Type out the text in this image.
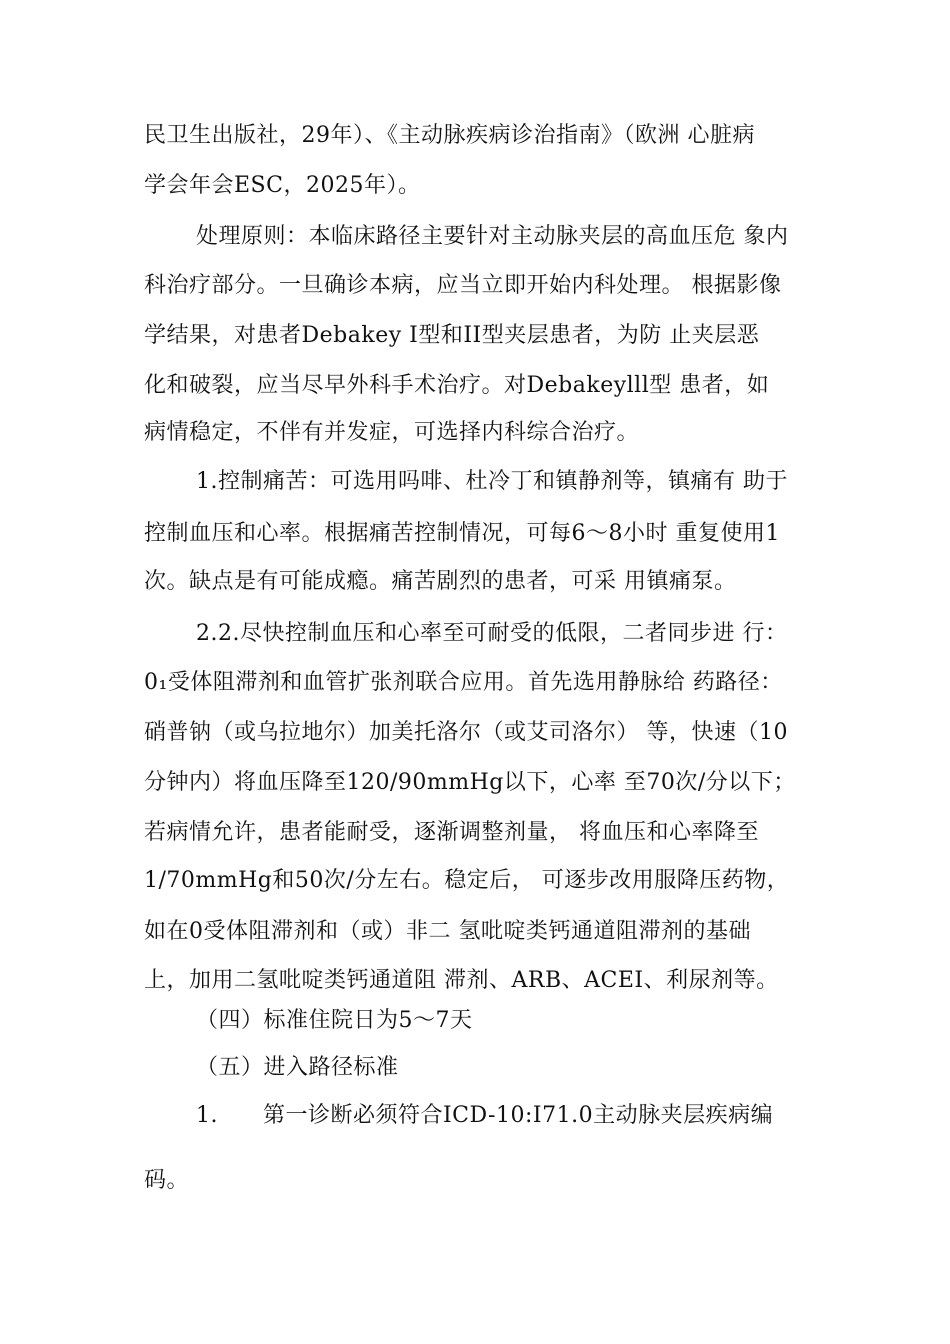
民卫生出版社，29年）、《主动脉疾病诊治指南》（欧洲 心脏病
学会年会ESC，2025年）。
处理原则：本临床路径主要针对主动脉夹层的高血压危 象内
科治疗部分。一旦确诊本病，应当立即开始内科处理。 根据影像
学结果，对患者Debakey Ⅰ型和II型夹层患者，为防 止夹层恶
化和破裂，应当尽早外科手术治疗。对Debakeylll型 患者，如
病情稳定，不伴有并发症，可选择内科综合治疗。
1.控制痛苦：可选用吗啡、杜冷丁和镇静剂等，镇痛有 助于
控制血压和心率。根据痛苦控制情况，可每6〜8小时 重复使用1
次。缺点是有可能成瘾。痛苦剧烈的患者，可采 用镇痛泵。
2.2.尽快控制血压和心率至可耐受的低限，二者同步进 行：
0₁受体阻滞剂和血管扩张剂联合应用。首先选用静脉给 药路径：
硝普钠（或乌拉地尔）加美托洛尔（或艾司洛尔） 等，快速（10
分钟内）将血压降至120/90mmHg以下，心率 至70次/分以下；
若病情允许，患者能耐受，逐渐调整剂量， 将血压和心率降至
1/70mmHg和50次/分左右。稳定后， 可逐步改用服降压药物，
如在0受体阻滞剂和（或）非二 氢吡啶类钙通道阻滞剂的基础
上，加用二氢吡啶类钙通道阻 滞剂、ARB、ACEI、利尿剂等。
（四）标准住院日为5〜7天
（五）进入路径标准
1.　　第一诊断必须符合ICD-10:I71.0主动脉夹层疾病编
码。
